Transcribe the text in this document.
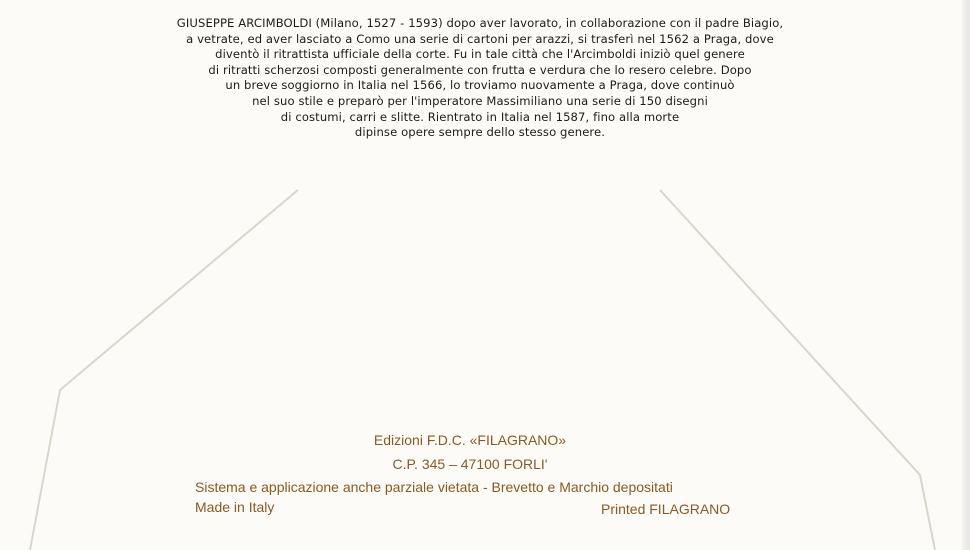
GIUSEPPE ARCIMBOLDI (Milano, 1527 - 1593) dopo aver lavorato, in collaborazione con il padre Biagio,
a vetrate, ed aver lasciato a Como una serie di cartoni per arazzi, si trasferì nel 1562 a Praga, dove
diventò il ritrattista ufficiale della corte. Fu in tale città che l'Arcimboldi iniziò quel genere
di ritratti scherzosi composti generalmente con frutta e verdura che lo resero celebre. Dopo
un breve soggiorno in Italia nel 1566, lo troviamo nuovamente a Praga, dove continuò
nel suo stile e preparò per l'imperatore Massimiliano una serie di 150 disegni
di costumi, carri e slitte. Rientrato in Italia nel 1587, fino alla morte
dipinse opere sempre dello stesso genere.
Edizioni F.D.C. «FILAGRANO»
C.P. 345 – 47100 FORLI'
Sistema e applicazione anche parziale vietata - Brevetto e Marchio depositati
Made in Italy	Printed FILAGRANO
